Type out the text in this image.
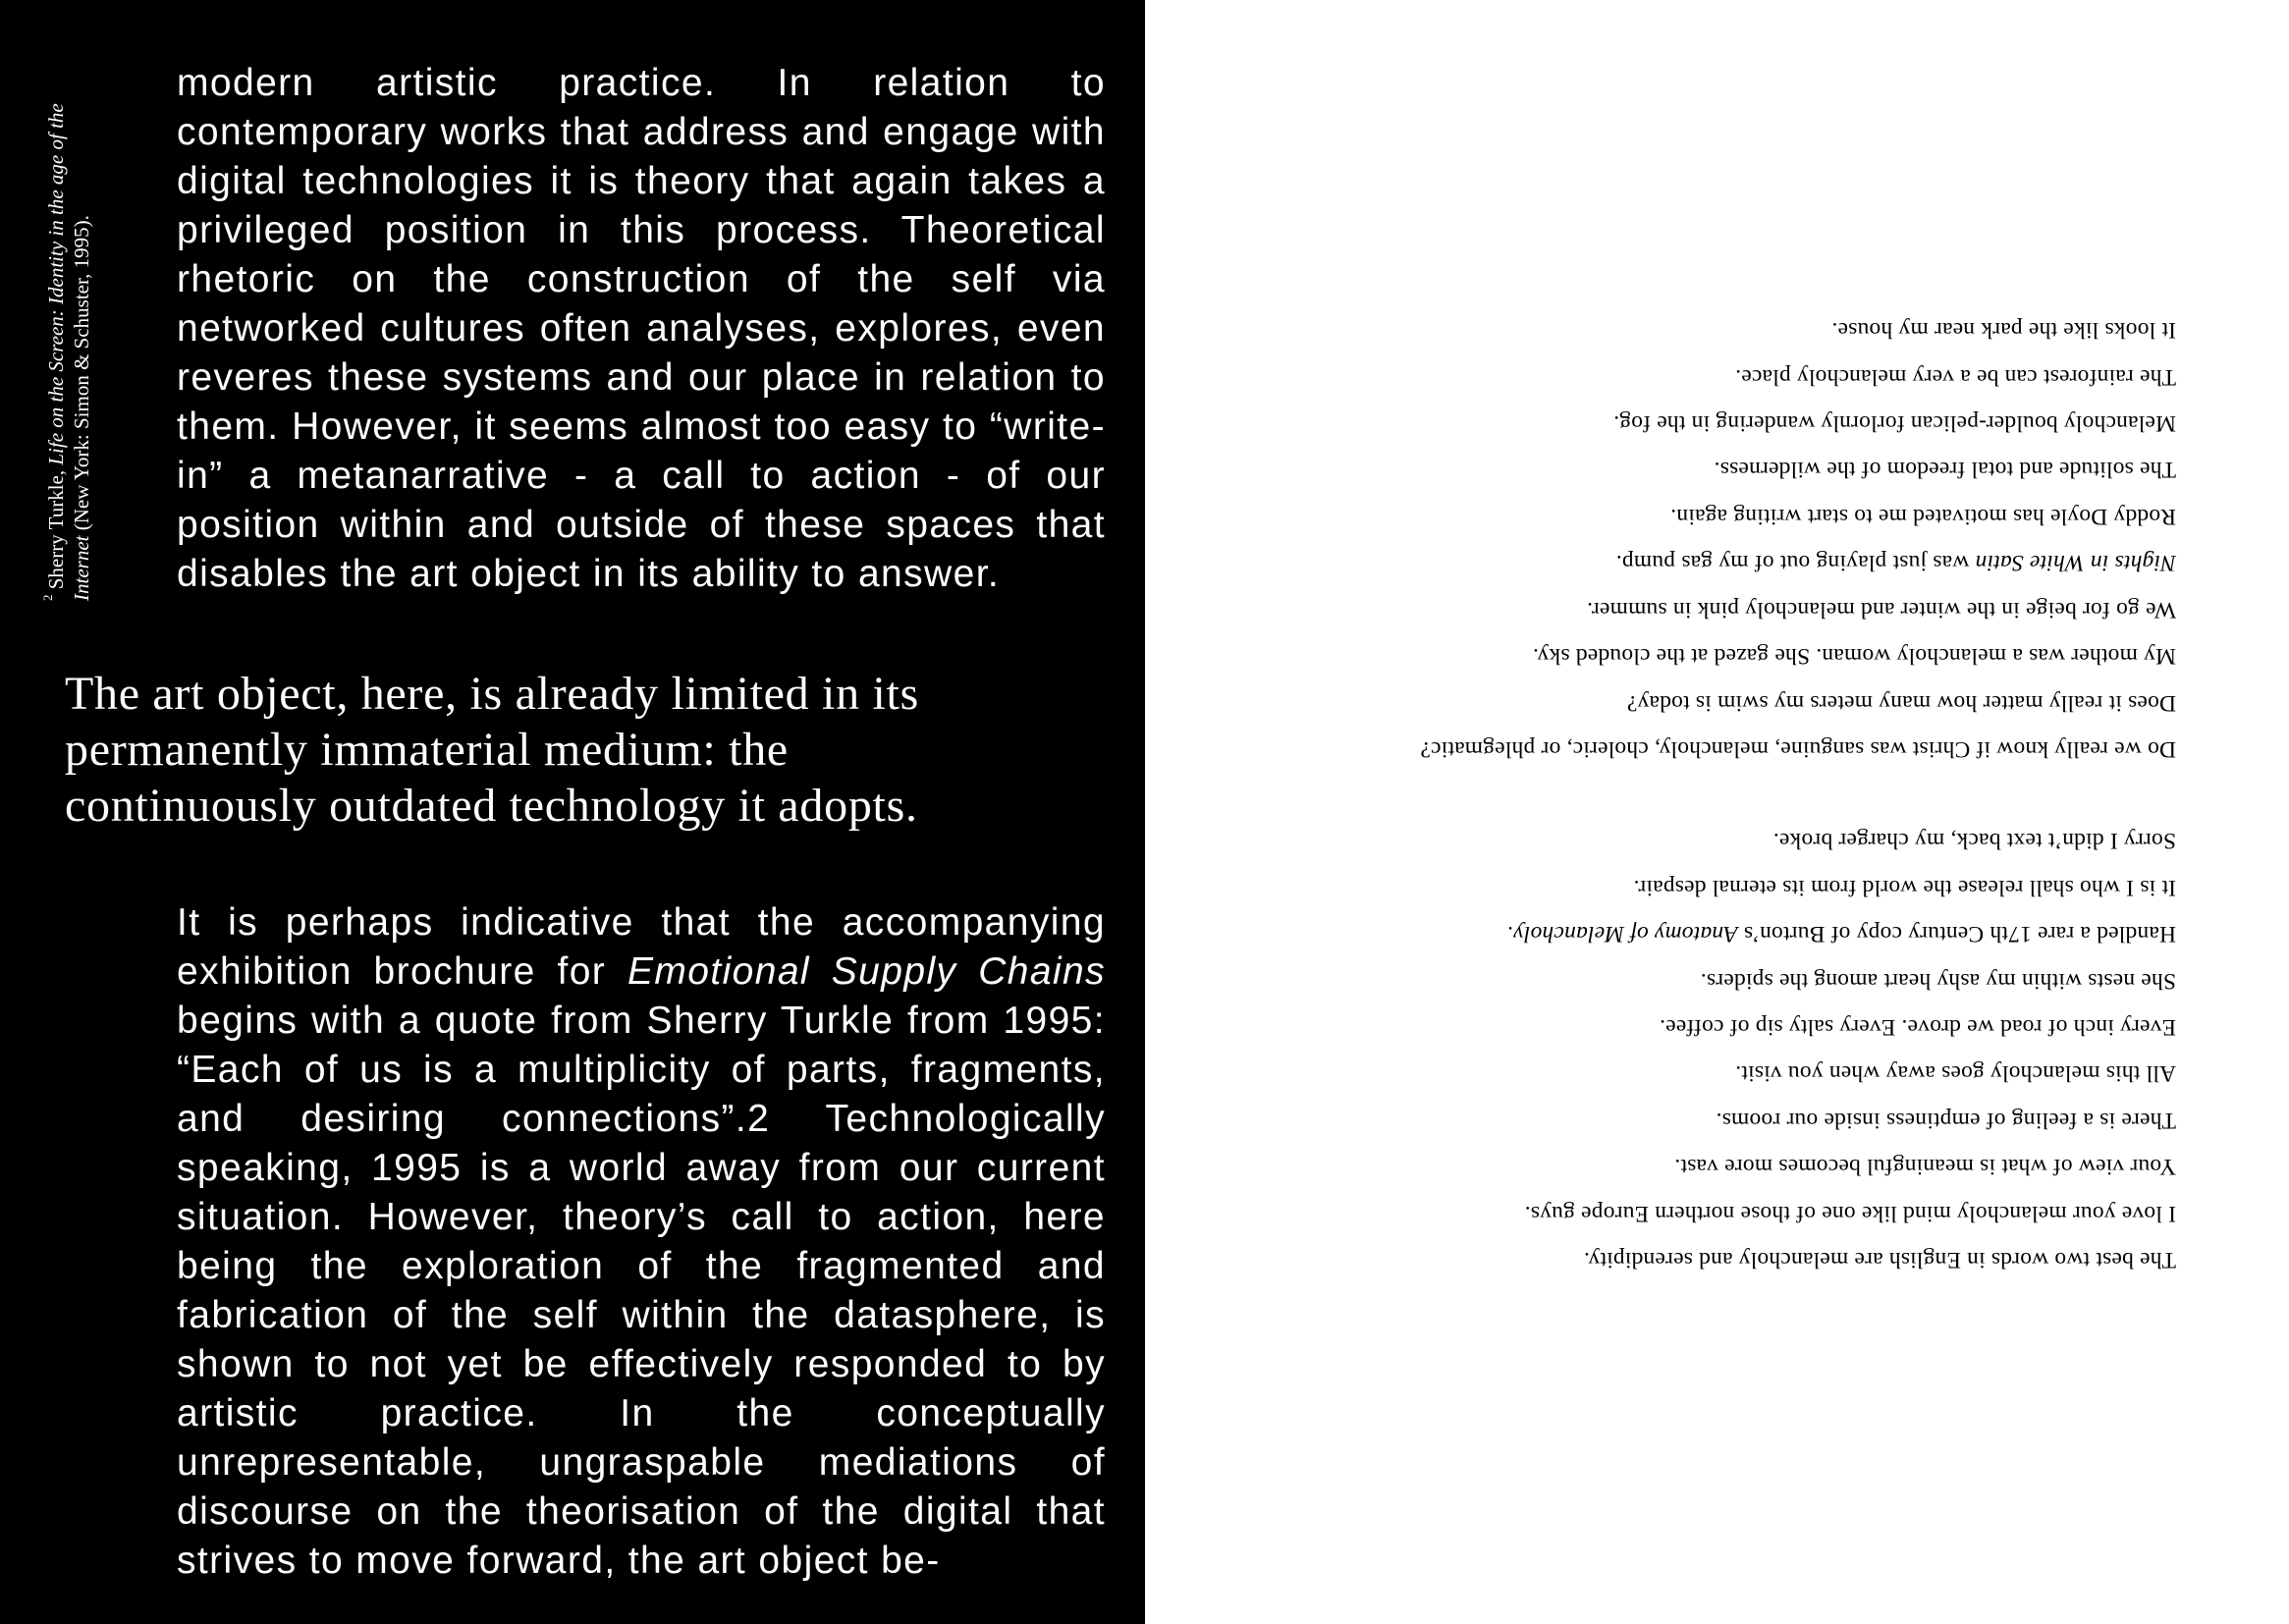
$^2$ Sherry Turkle, Life on the Screen: Identity in the age of the Internet (New York: Simon & Schuster, 1995).

modern artistic practice. In relation to contemporary works that address and engage with digital technologies it is theory that again takes a privileged position in this process. Theoretical rhetoric on the construction of the self via networked cultures often analyses, explores, even reveres these systems and our place in relation to them. However, it seems almost too easy to “write-in” a metanarrative - a call to action - of our position within and outside of these spaces that disables the art object in its ability to answer.

The art object, here, is already limited in its permanently immaterial medium: the continuously outdated technology it adopts.

It is perhaps indicative that the accompanying exhibition brochure for Emotional Supply Chains begins with a quote from Sherry Turkle from 1995: “Each of us is a multiplicity of parts, fragments, and desiring connections”.2 Technologically speaking, 1995 is a world away from our current situation. However, theory’s call to action, here being the exploration of the fragmented and fabrication of the self within the datasphere, is shown to not yet be effectively responded to by artistic practice. In the conceptually unrepresentable, ungraspable mediations of discourse on the theorisation of the digital that strives to move forward, the art object be-

The best two words in English are melancholy and serendipity.
I love your melancholy mind like one of those northern Europe guys.
Your view of what is meaningful becomes more vast.
There is a feeling of emptiness inside our rooms.
All this melancholy goes away when you visit.
Every inch of road we drove. Every salty sip of coffee.
She nests within my ashy heart among the spiders.
Handled a rare 17th Century copy of Burton’s Anatomy of Melancholy.
It is I who shall release the world from its eternal despair.
Sorry I didn’t text back, my charger broke.
Do we really know if Christ was sanguine, melancholy, choleric, or phlegmatic?
Does it really matter how many meters my swim is today?
My mother was a melancholy woman. She gazed at the clouded sky.
We go for beige in the winter and melancholy pink in summer.
Nights in White Satin was just playing out of my gas pump.
Roddy Doyle has motivated me to start writing again.
The solitude and total freedom of the wilderness.
Melancholy boulder-pelican forlornly wandering in the fog.
The rainforest can be a very melancholy place.
It looks like the park near my house.
